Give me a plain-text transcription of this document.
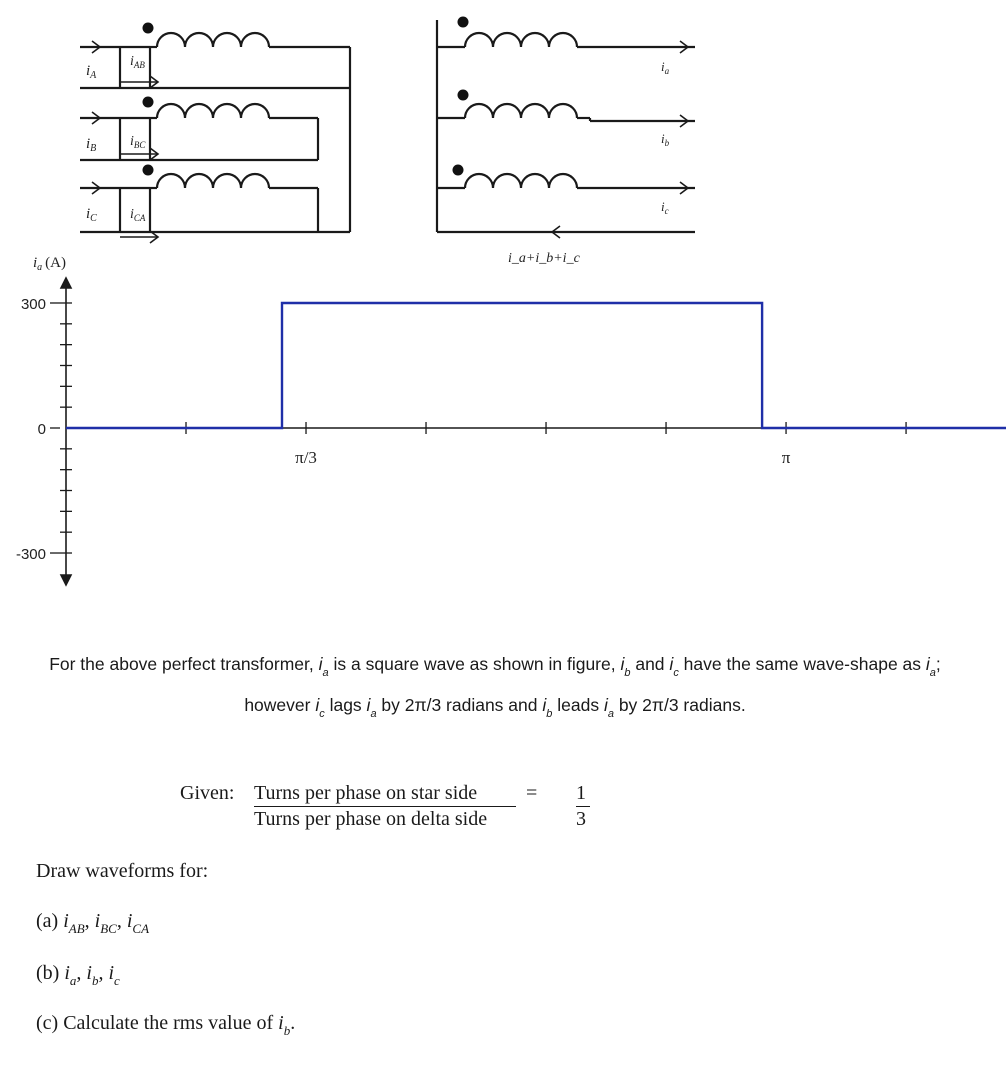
$i_A$
$i_B$
$i_C$
$i_{AB}$
$i_{BC}$
$i_{CA}$
$i_a$
$i_b$
$i_c$
i_a+i_b+i_c
$i_a$ (A)
300
0
-300
π/3	π
For the above perfect transformer, $i_a$ is a square wave as shown in figure, $i_b$ and $i_c$ have the same wave-shape as $i_a$; however $i_c$ lags $i_a$ by 2π/3 radians and $i_b$ leads $i_a$ by 2π/3 radians.
Given: Turns per phase on star side
Turns per phase on delta side
= 1
3
Draw waveforms for:
(a) $i_{AB}$, $i_{BC}$, $i_{CA}$
(b) $i_a$, $i_b$, $i_c$
(c) Calculate the rms value of $i_b$.
